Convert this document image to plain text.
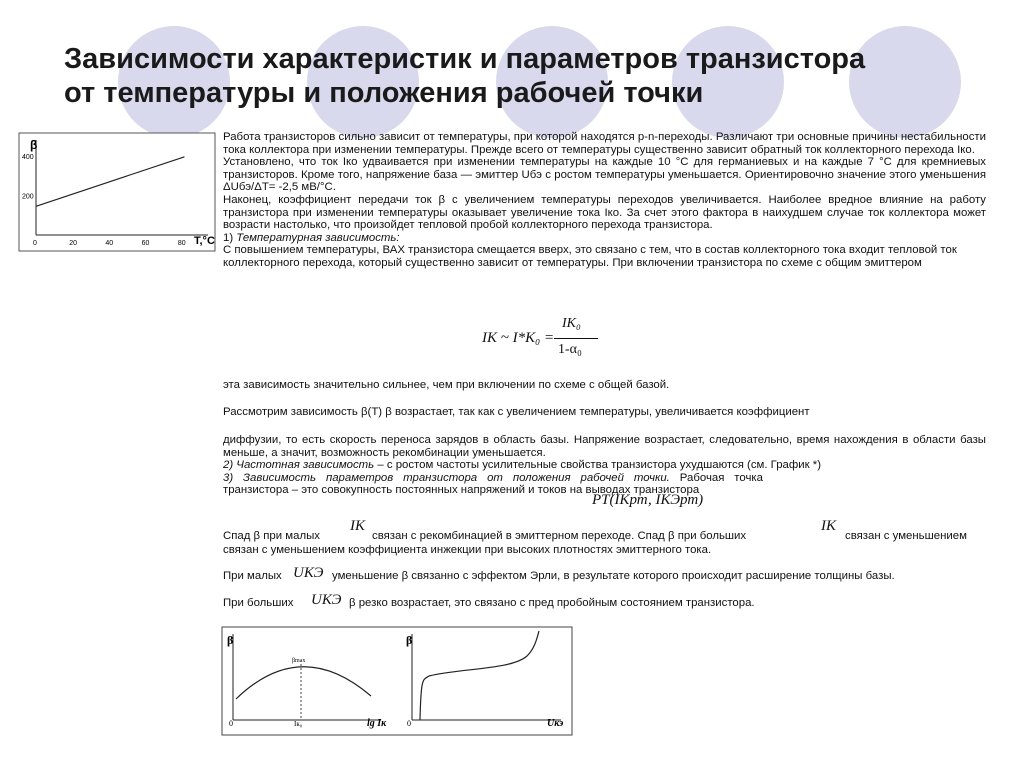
Зависимости характеристик и параметров транзистора
от температуры и положения рабочей точки
β
T,°C
0	20	40	60	80
200
400

Работа транзисторов сильно зависит от температуры, при которой находятся p-n-переходы. Различают три основные причины нестабильности тока коллектора при изменении температуры. Прежде всего от температуры существенно зависит обратный ток коллекторного перехода Iко.

Установлено, что ток Iко удваивается при изменении температуры на каждые 10 °С для германиевых и на каждые 7 °С для кремниевых транзисторов. Кроме того, напряжение база — эмиттер Uбэ с ростом температуры уменьшается. Ориентировочно значение этого уменьшения ΔUбэ/ΔT= -2,5 мВ/°С.

Наконец, коэффициент передачи ток β с увеличением температуры переходов увеличивается. Наиболее вредное влияние на работу транзистора при изменении температуры оказывает увеличение тока Iко. За счет этого фактора в наихудшем случае ток коллектора может возрасти настолько, что произойдет тепловой пробой коллекторного перехода транзистора.

1) Температурная зависимость:

С повышением температуры, ВАХ транзистора смещается вверх, это связано с тем, что в состав коллекторного тока входит тепловой ток коллекторного перехода, который существенно зависит от температуры. При включении транзистора по схеме с общим эмиттером

IК ~ I*К₀ =
IК₀
1-α₀

эта зависимость значительно сильнее, чем при включении по схеме с общей базой.

Рассмотрим зависимость β(T) β возрастает, так как с увеличением температуры, увеличивается коэффициент

диффузии, то есть скорость переноса зарядов в область базы. Напряжение возрастает, следовательно, время нахождения в области базы меньше, а значит, возможность рекомбинации уменьшается.

2) Частотная зависимость – с ростом частоты усилительные свойства транзистора ухудшаются (см. График *)

3) Зависимость параметров транзистора от положения рабочей точки. Рабочая точка транзистора – это совокупность постоянных напряжений и токов на выводах транзистора

PT(IКрт, IКЭрт)
Спад β при малых
IК
связан с рекомбинацией в эмиттерном переходе. Спад β при больших
IК
связан с уменьшением

связан с уменьшением коэффициента инжекции при высоких плотностях эмиттерного тока.

При малых UКЭ уменьшение β связанно с эффектом Эрли, в результате которого происходит расширение толщины базы.
При больших UКЭ β резко возрастает, это связано с пред пробойным состоянием транзистора.
β
0	lg Iк
βmax
Iк₀
β
0	Uкэ
